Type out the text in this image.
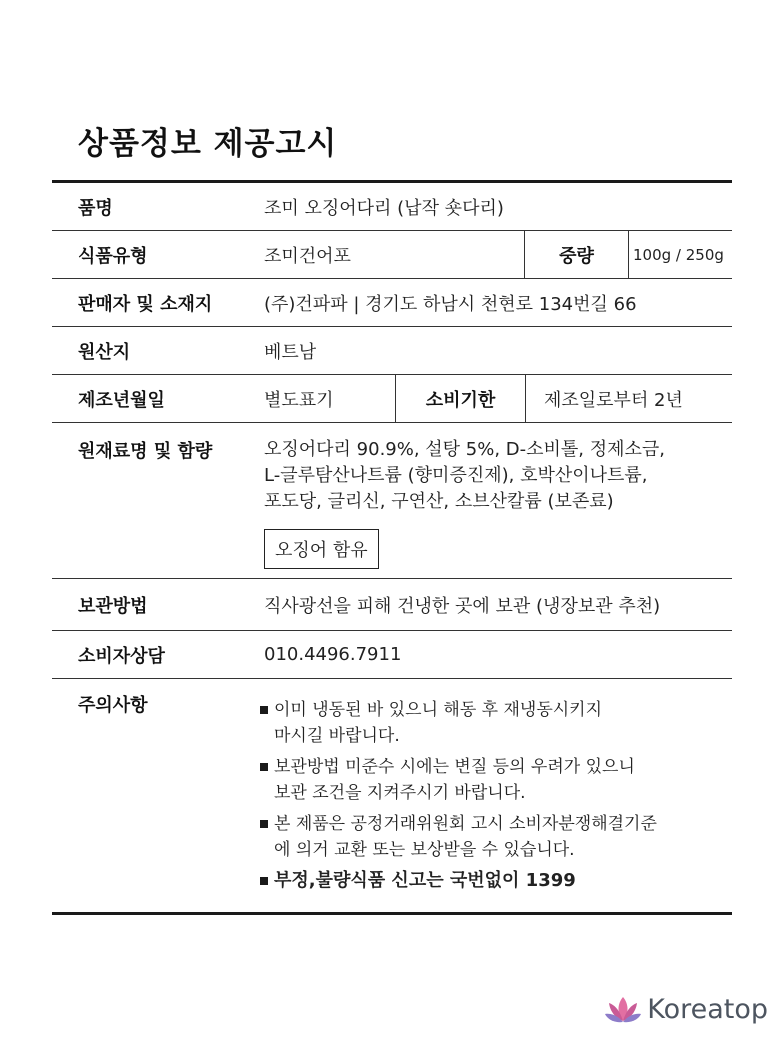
상품정보 제공고시
품명	조미 오징어다리 (납작 숏다리)
식품유형	조미건어포	중량	100g / 250g
판매자 및 소재지	(주)건파파 | 경기도 하남시 천현로 134번길 66
원산지	베트남
제조년월일	별도표기	소비기한	제조일로부터 2년
원재료명 및 함량	오징어다리 90.9%, 설탕 5%, D-소비톨, 정제소금,
L-글루탐산나트륨 (향미증진제), 호박산이나트륨,
포도당, 글리신, 구연산, 소브산칼륨 (보존료)
오징어 함유
보관방법	직사광선을 피해 건냉한 곳에 보관 (냉장보관 추천)
소비자상담	010.4496.7911
주의사항	이미 냉동된 바 있으니 해동 후 재냉동시키지
마시길 바랍니다.
보관방법 미준수 시에는 변질 등의 우려가 있으니
보관 조건을 지켜주시기 바랍니다.
본 제품은 공정거래위원회 고시 소비자분쟁해결기준
에 의거 교환 또는 보상받을 수 있습니다.
부정,불량식품 신고는 국번없이 1399
Koreatop
